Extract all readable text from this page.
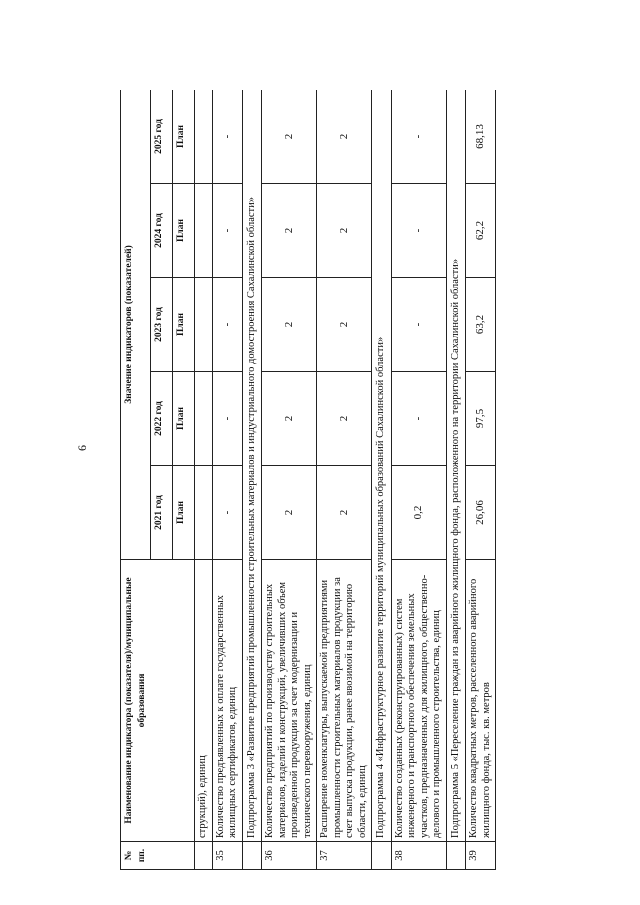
6
№ пп.	Наименование индикатора (показателя)/муниципальные образования	Значение индикаторов (показателей)				
		2021 год	2022 год	2023 год	2024 год	2025 год
		План	План	План	План	План
	струкций), единиц					
35	Количество предъявленных к оплате государственных жилищных сертификатов, единиц	-	-	-	-	-
	Подпрограмма 3 «Развитие предприятий промышленности строительных материалов и индустриального домостроения Сахалинской области»					
36	Количество предприятий по производству строительных материалов, изделий и конструкций, увеличивших объем произведенной продукции за счет модернизации и технического перевооружения, единиц	2	2	2	2	2
37	Расширение номенклатуры, выпускаемой предприятиями промышленности строительных материалов продукции за счет выпуска продукции, ранее ввозимой на территорию области, единиц	2	2	2	2	2
	Подпрограмма 4 «Инфраструктурное развитие территорий муниципальных образований Сахалинской области»					
38	Количество созданных (реконструированных) систем инженерного и транспортного обеспечения земельных участков, предназначенных для жилищного, общественно-делового и промышленного строительства, единиц	0,2	-	-	-	-
	Подпрограмма 5 «Переселение граждан из аварийного жилищного фонда, расположенного на территории Сахалинской области»					
39	Количество квадратных метров, расселенного аварийного жилищного фонда, тыс. кв. метров	26,06	97,5	63,2	62,2	68,13
